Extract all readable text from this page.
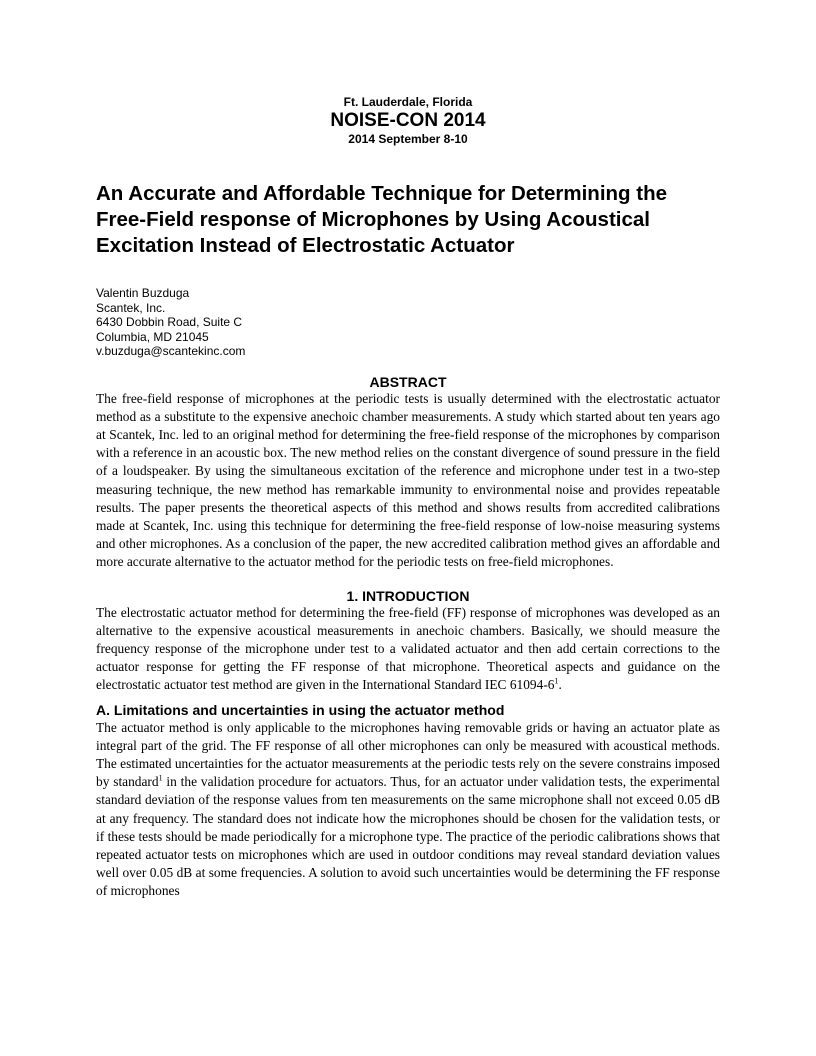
Ft. Lauderdale, Florida
NOISE-CON 2014
2014 September 8-10
An Accurate and Affordable Technique for Determining the
Free-Field response of Microphones by Using Acoustical
Excitation Instead of Electrostatic Actuator
Valentin Buzduga
Scantek, Inc.
6430 Dobbin Road, Suite C
Columbia, MD 21045
v.buzduga@scantekinc.com
ABSTRACT

The free-field response of microphones at the periodic tests is usually determined with the electrostatic actuator method as a substitute to the expensive anechoic chamber measurements. A study which started about ten years ago at Scantek, Inc. led to an original method for determining the free-field response of the microphones by comparison with a reference in an acoustic box. The new method relies on the constant divergence of sound pressure in the field of a loudspeaker. By using the simultaneous excitation of the reference and microphone under test in a two-step measuring technique, the new method has remarkable immunity to environmental noise and provides repeatable results. The paper presents the theoretical aspects of this method and shows results from accredited calibrations made at Scantek, Inc. using this technique for determining the free-field response of low-noise measuring systems and other microphones. As a conclusion of the paper, the new accredited calibration method gives an affordable and more accurate alternative to the actuator method for the periodic tests on free-field microphones.

1. INTRODUCTION

The electrostatic actuator method for determining the free-field (FF) response of microphones was developed as an alternative to the expensive acoustical measurements in anechoic chambers. Basically, we should measure the frequency response of the microphone under test to a validated actuator and then add certain corrections to the actuator response for getting the FF response of that microphone. Theoretical aspects and guidance on the electrostatic actuator test method are given in the International Standard IEC $61094-6^1$.

A. Limitations and uncertainties in using the actuator method

The actuator method is only applicable to the microphones having removable grids or having an actuator plate as integral part of the grid. The FF response of all other microphones can only be measured with acoustical methods. The estimated uncertainties for the actuator measurements at the periodic tests rely on the severe constrains imposed by standard$^1$ in the validation procedure for actuators. Thus, for an actuator under validation tests, the experimental standard deviation of the response values from ten measurements on the same microphone shall not exceed 0.05 dB at any frequency. The standard does not indicate how the microphones should be chosen for the validation tests, or if these tests should be made periodically for a microphone type. The practice of the periodic calibrations shows that repeated actuator tests on microphones which are used in outdoor conditions may reveal standard deviation values well over 0.05 dB at some frequencies. A solution to avoid such uncertainties would be determining the FF response of microphones
